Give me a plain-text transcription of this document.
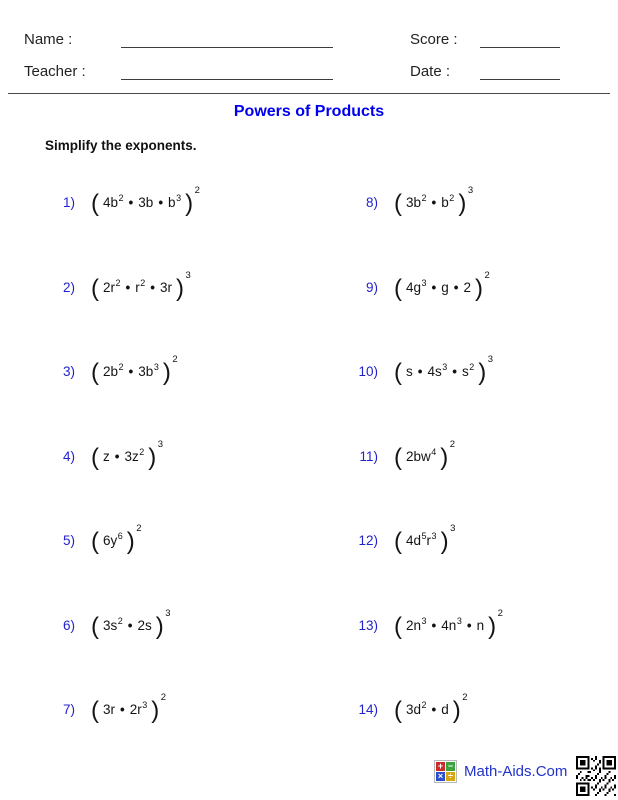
Name :	Score :
Teacher :	Date :
Powers of Products

Simplify the exponents.

1) ( $4b^2$ • 3b • $b^3$ ) $^2$
2) ( $2r^2$ • $r^2$ • 3r ) $^3$
3) ( $2b^2$ • $3b^3$ ) $^2$
4) ( z • $3z^2$ ) $^3$
5) ( $6y^6$ ) $^2$
6) ( $3s^2$ • 2s ) $^3$
7) ( 3r • $2r^3$ ) $^2$
8) ( $3b^2$ • $b^2$ ) $^3$
9) ( $4g^3$ • g • 2 ) $^2$
10) ( s • $4s^3$ • $s^2$ ) $^3$
11) ( $2bw^4$ ) $^2$
12) ( $4d^5r^3$ ) $^3$
13) ( $2n^3$ • $4n^3$ • n ) $^2$
14) ( $3d^2$ • d ) $^2$
+ −
× ÷ Math-Aids.Com
